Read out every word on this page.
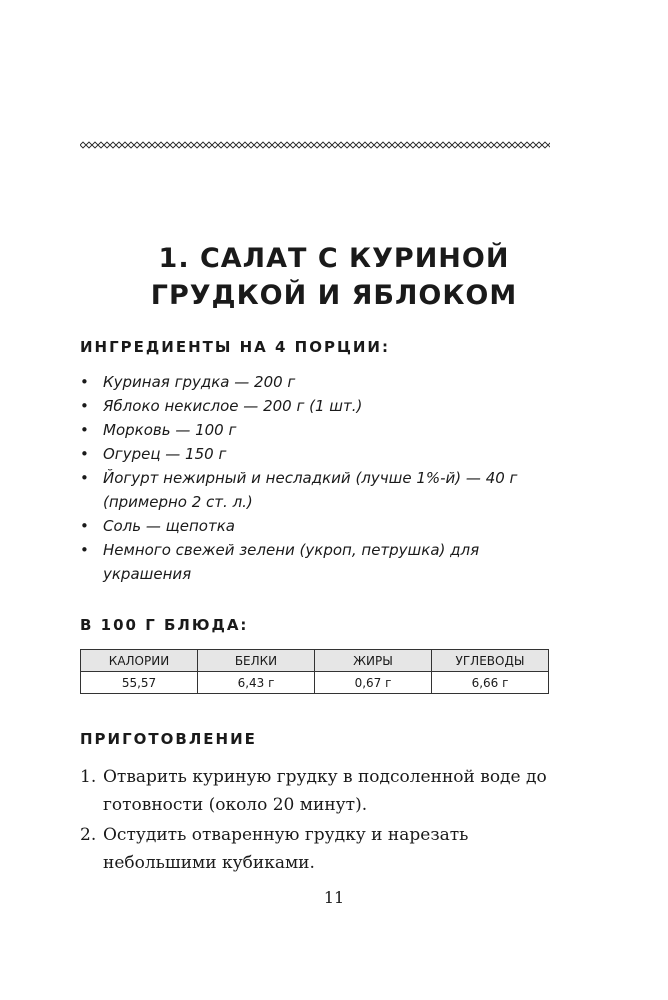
1. САЛАТ С КУРИНОЙ
ГРУДКОЙ И ЯБЛОКОМ
ИНГРЕДИЕНТЫ НА 4 ПОРЦИИ:
• Куриная грудка — 200 г
• Яблоко некислое — 200 г (1 шт.)
• Морковь — 100 г
• Огурец — 150 г
• Йогурт нежирный и несладкий (лучше 1%-й) — 40 г (примерно 2 ст. л.)
• Соль — щепотка
• Немного свежей зелени (укроп, петрушка) для украшения
В 100 Г БЛЮДА:
КАЛОРИИ	БЕЛКИ	ЖИРЫ	УГЛЕВОДЫ
55,57	6,43 г	0,67 г	6,66 г
ПРИГОТОВЛЕНИЕ
1. Отварить куриную грудку в подсоленной воде до готовности (около 20 минут).
2. Остудить отваренную грудку и нарезать небольшими кубиками.
11
